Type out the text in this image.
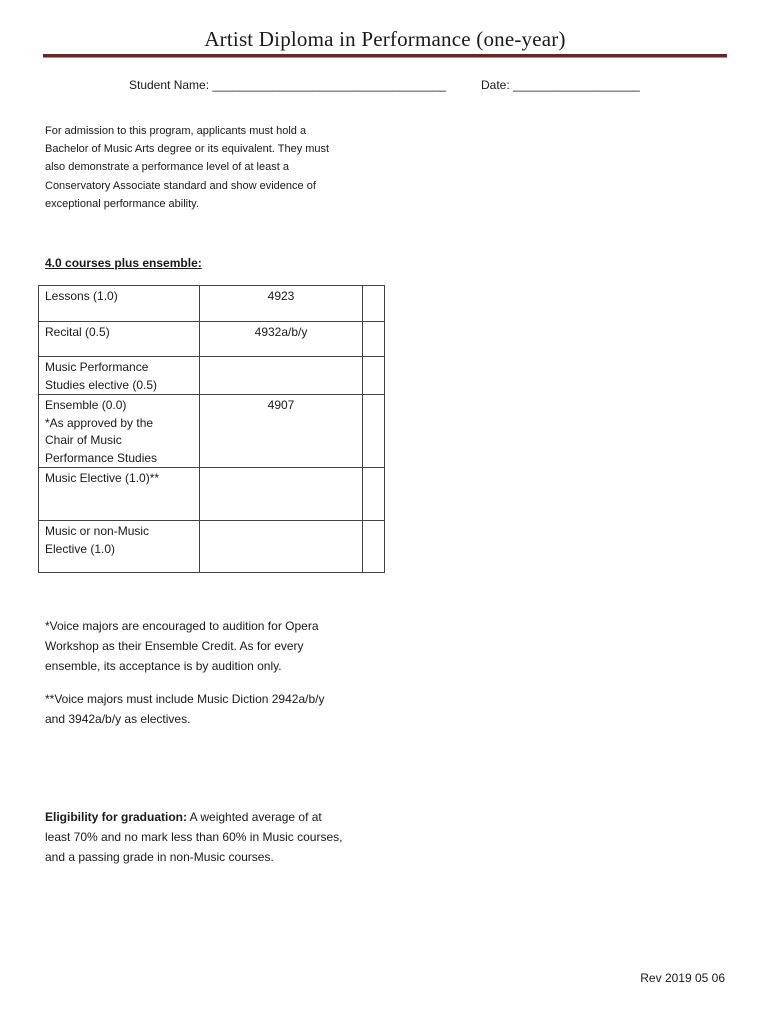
Artist Diploma in Performance (one-year)
Student Name: ___________________________________	Date: ___________________
For admission to this program, applicants must hold a
Bachelor of Music Arts degree or its equivalent. They must
also demonstrate a performance level of at least a
Conservatory Associate standard and show evidence of
exceptional performance ability.
4.0 courses plus ensemble:
Lessons (1.0)	4923	

Recital (0.5)	4932a/b/y	

Music Performance
Studies elective (0.5)		

Ensemble (0.0)
*As approved by the
Chair of Music
Performance Studies	4907	

Music Elective (1.0)**		

Music or non-Music
Elective (1.0)		

*Voice majors are encouraged to audition for Opera
Workshop as their Ensemble Credit. As for every
ensemble, its acceptance is by audition only.
**Voice majors must include Music Diction 2942a/b/y
and 3942a/b/y as electives.
Eligibility for graduation: A weighted average of at
least 70% and no mark less than 60% in Music courses,
and a passing grade in non-Music courses.
Rev 2019 05 06
